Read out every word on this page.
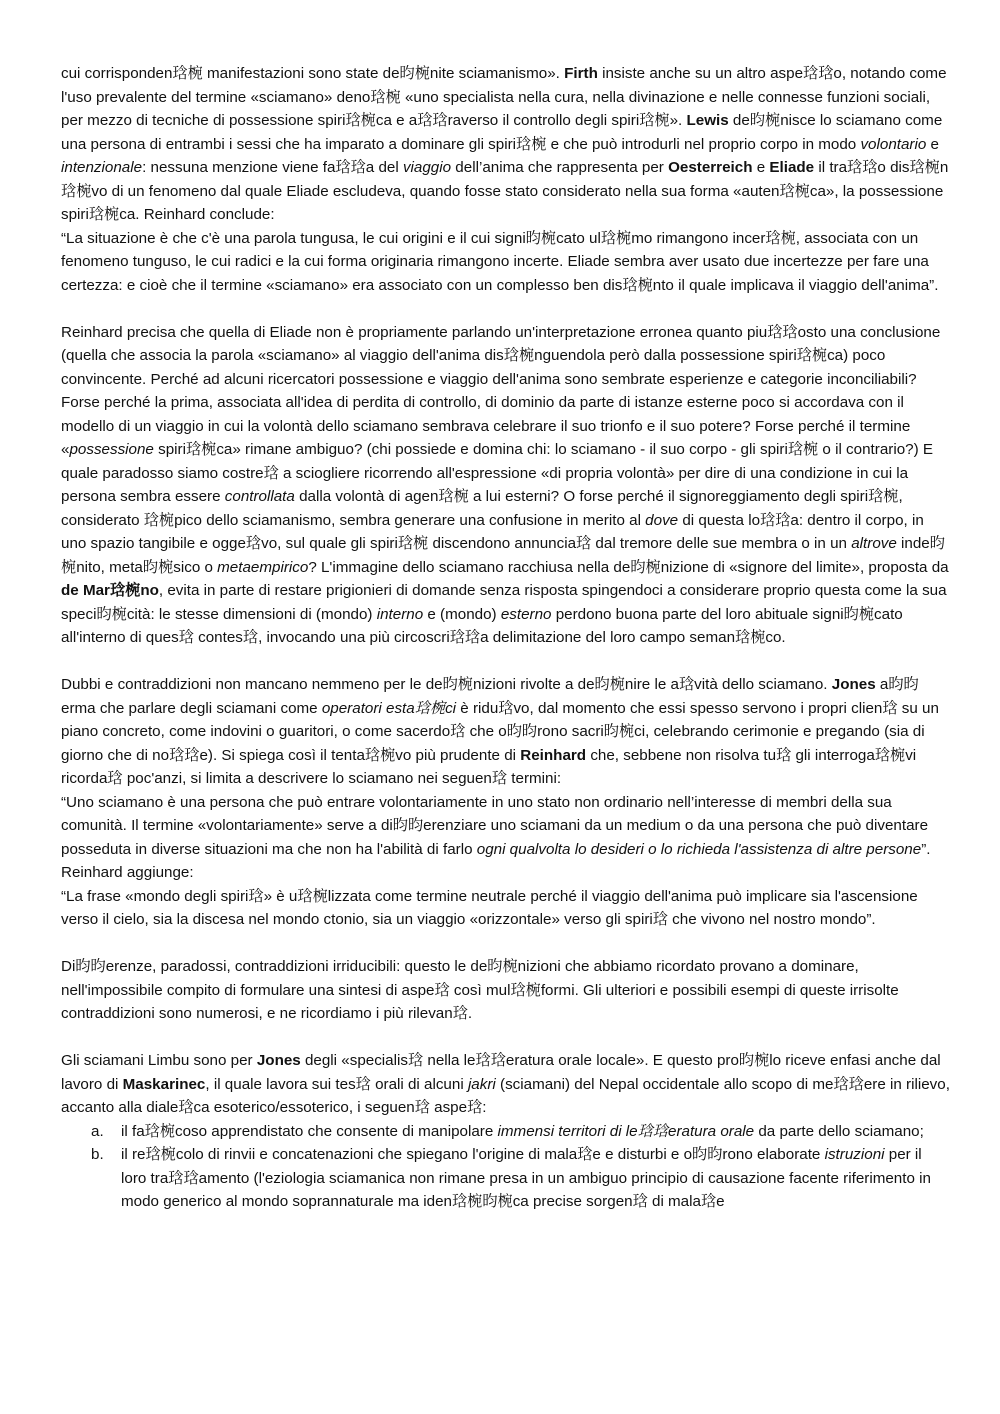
cui corrisponden琀椀 manifestazioni sono state de昀椀nite sciamanismo». Firth insiste anche su un altro aspe琀琀o, notando come l'uso prevalente del termine «sciamano» deno琀椀 «uno specialista nella cura, nella divinazione e nelle connesse funzioni sociali, per mezzo di tecniche di possessione spiri琀椀ca e a琀琀raverso il controllo degli spiri琀椀». Lewis de昀椀nisce lo sciamano come una persona di entrambi i sessi che ha imparato a dominare gli spiri琀椀 e che può introdurli nel proprio corpo in modo volontario e intenzionale: nessuna menzione viene fa琀琀a del viaggio dell’anima che rappresenta per Oesterreich e Eliade il tra琀琀o dis琀椀n琀椀vo di un fenomeno dal quale Eliade escludeva, quando fosse stato considerato nella sua forma «auten琀椀ca», la possessione spiri琀椀ca. Reinhard conclude:

“La situazione è che c'è una parola tungusa, le cui origini e il cui signi昀椀cato ul琀椀mo rimangono incer琀椀, associata con un fenomeno tunguso, le cui radici e la cui forma originaria rimangono incerte. Eliade sembra aver usato due incertezze per fare una certezza: e cioè che il termine «sciamano» era associato con un complesso ben dis琀椀nto il quale implicava il viaggio dell'anima”.

Reinhard precisa che quella di Eliade non è propriamente parlando un'interpretazione erronea quanto piu琀琀osto una conclusione (quella che associa la parola «sciamano» al viaggio dell'anima dis琀椀nguendola però dalla possessione spiri琀椀ca) poco convincente. Perché ad alcuni ricercatori possessione e viaggio dell'anima sono sembrate esperienze e categorie inconciliabili? Forse perché la prima, associata all'idea di perdita di controllo, di dominio da parte di istanze esterne poco si accordava con il modello di un viaggio in cui la volontà dello sciamano sembrava celebrare il suo trionfo e il suo potere? Forse perché il termine «possessione spiri琀椀ca» rimane ambiguo? (chi possiede e domina chi: lo sciamano - il suo corpo - gli spiri琀椀 o il contrario?) E quale paradosso siamo costre琀 a sciogliere ricorrendo all'espressione «di propria volontà» per dire di una condizione in cui la persona sembra essere controllata dalla volontà di agen琀椀 a lui esterni? O forse perché il signoreggiamento degli spiri琀椀, considerato 琀椀pico dello sciamanismo, sembra generare una confusione in merito al dove di questa lo琀琀a: dentro il corpo, in uno spazio tangibile e ogge琀vo, sul quale gli spiri琀椀 discendono annuncia琀 dal tremore delle sue membra o in un altrove inde昀椀nito, meta昀椀sico o metaempirico? L'immagine dello sciamano racchiusa nella de昀椀nizione di «signore del limite», proposta da de Mar琀椀no, evita in parte di restare prigionieri di domande senza risposta spingendoci a considerare proprio questa come la sua speci昀椀cità: le stesse dimensioni di (mondo) interno e (mondo) esterno perdono buona parte del loro abituale signi昀椀cato all'interno di ques琀 contes琀, invocando una più circoscri琀琀a delimitazione del loro campo seman琀椀co.

Dubbi e contraddizioni non mancano nemmeno per le de昀椀nizioni rivolte a de昀椀nire le a琀vità dello sciamano. Jones a昀昀erma che parlare degli sciamani come operatori esta琀椀ci è ridu琀vo, dal momento che essi spesso servono i propri clien琀 su un piano concreto, come indovini o guaritori, o come sacerdo琀 che o昀昀rono sacri昀椀ci, celebrando cerimonie e pregando (sia di giorno che di no琀琀e). Si spiega così il tenta琀椀vo più prudente di Reinhard che, sebbene non risolva tu琀 gli interroga琀椀vi ricorda琀 poc'anzi, si limita a descrivere lo sciamano nei seguen琀 termini:

“Uno sciamano è una persona che può entrare volontariamente in uno stato non ordinario nell’interesse di membri della sua comunità. Il termine «volontariamente» serve a di昀昀erenziare uno sciamani da un medium o da una persona che può diventare posseduta in diverse situazioni ma che non ha l'abilità di farlo ogni qualvolta lo desideri o lo richieda l'assistenza di altre persone”.

Reinhard aggiunge:

“La frase «mondo degli spiri琀» è u琀椀lizzata come termine neutrale perché il viaggio dell'anima può implicare sia l'ascensione verso il cielo, sia la discesa nel mondo ctonio, sia un viaggio «orizzontale» verso gli spiri琀 che vivono nel nostro mondo”.

Di昀昀erenze, paradossi, contraddizioni irriducibili: questo le de昀椀nizioni che abbiamo ricordato provano a dominare, nell'impossibile compito di formulare una sintesi di aspe琀 così mul琀椀formi. Gli ulteriori e possibili esempi di queste irrisolte contraddizioni sono numerosi, e ne ricordiamo i più rilevan琀.

Gli sciamani Limbu sono per Jones degli «specialis琀 nella le琀琀eratura orale locale». E questo pro昀椀lo riceve enfasi anche dal lavoro di Maskarinec, il quale lavora sui tes琀 orali di alcuni jakri (sciamani) del Nepal occidentale allo scopo di me琀琀ere in rilievo, accanto alla diale琀ca esoterico/essoterico, i seguen琀 aspe琀:

a. il fa琀椀coso apprendistato che consente di manipolare immensi territori di le琀琀eratura orale da parte dello sciamano;
b. il re琀椀colo di rinvii e concatenazioni che spiegano l'origine di mala琀e e disturbi e o昀昀rono elaborate istruzioni per il loro tra琀琀amento (l'eziologia sciamanica non rimane presa in un ambiguo principio di causazione facente riferimento in modo generico al mondo soprannaturale ma iden琀椀昀椀ca precise sorgen琀 di mala琀e
